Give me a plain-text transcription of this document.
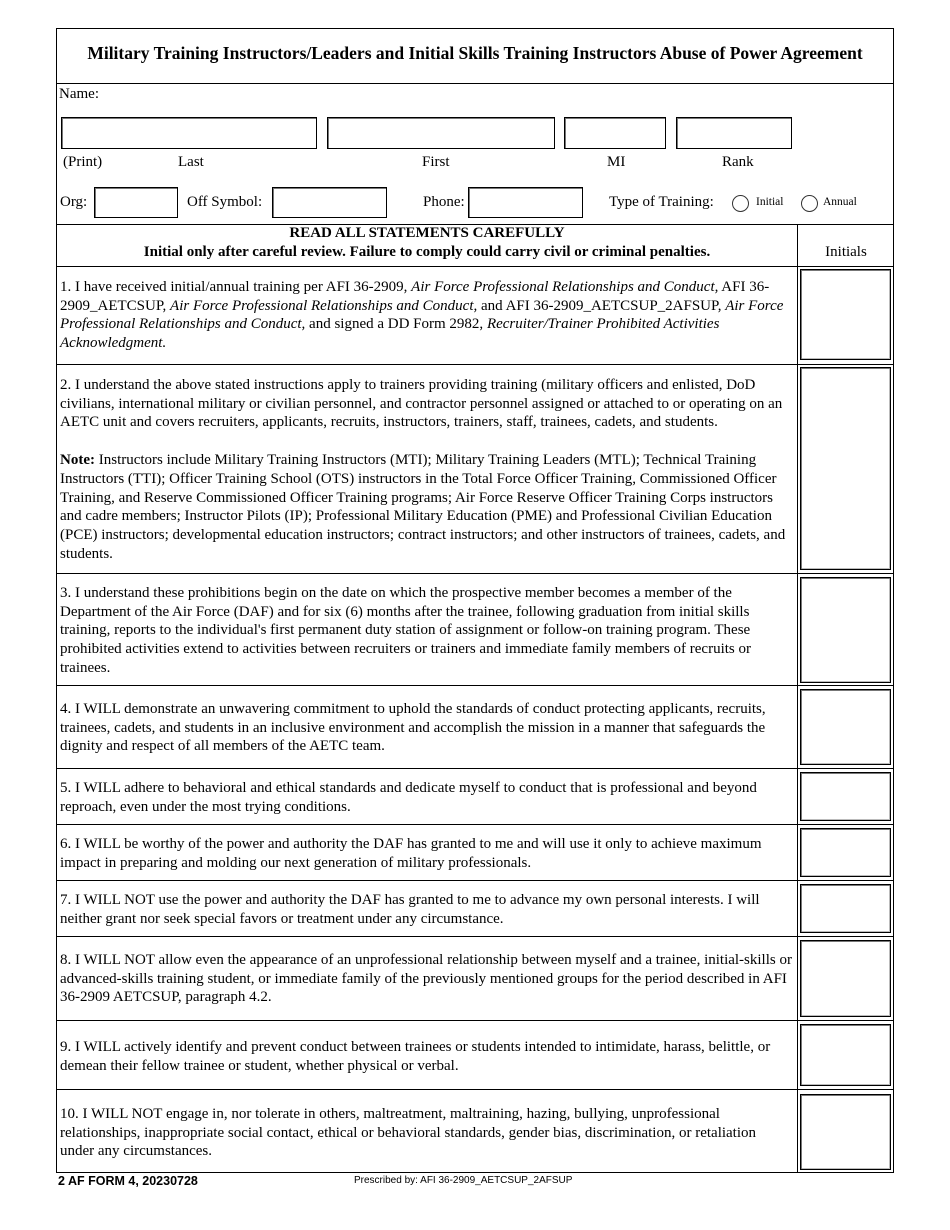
Military Training Instructors/Leaders and Initial Skills Training Instructors Abuse of Power Agreement
Name:
(Print)	Last	First	MI	Rank
Org:	Off Symbol:	Phone:	Type of Training:	Initial	Annual
READ ALL STATEMENTS CAREFULLY
Initial only after careful review. Failure to comply could carry civil or criminal penalties.	Initials
1. I have received initial/annual training per AFI 36-2909, Air Force Professional Relationships and Conduct, AFI 36-2909_AETCSUP, Air Force Professional Relationships and Conduct, and AFI 36-2909_AETCSUP_2AFSUP, Air Force Professional Relationships and Conduct, and signed a DD Form 2982, Recruiter/Trainer Prohibited Activities Acknowledgment.

2. I understand the above stated instructions apply to trainers providing training (military officers and enlisted, DoD civilians, international military or civilian personnel, and contractor personnel assigned or attached to or operating on an AETC unit and covers recruiters, applicants, recruits, instructors, trainers, staff, trainees, cadets, and students.

Note: Instructors include Military Training Instructors (MTI); Military Training Leaders (MTL); Technical Training Instructors (TTI); Officer Training School (OTS) instructors in the Total Force Officer Training, Commissioned Officer Training, and Reserve Commissioned Officer Training programs; Air Force Reserve Officer Training Corps instructors and cadre members; Instructor Pilots (IP); Professional Military Education (PME) and Professional Civilian Education (PCE) instructors; developmental education instructors; contract instructors; and other instructors of trainees, cadets, and students.

3. I understand these prohibitions begin on the date on which the prospective member becomes a member of the Department of the Air Force (DAF) and for six (6) months after the trainee, following graduation from initial skills training, reports to the individual's first permanent duty station of assignment or follow-on training program. These prohibited activities extend to activities between recruiters or trainers and immediate family members of recruits or trainees.
4. I WILL demonstrate an unwavering commitment to uphold the standards of conduct protecting applicants, recruits, trainees, cadets, and students in an inclusive environment and accomplish the mission in a manner that safeguards the dignity and respect of all members of the AETC team.
5. I WILL adhere to behavioral and ethical standards and dedicate myself to conduct that is professional and beyond reproach, even under the most trying conditions.
6. I WILL be worthy of the power and authority the DAF has granted to me and will use it only to achieve maximum impact in preparing and molding our next generation of military professionals.
7. I WILL NOT use the power and authority the DAF has granted to me to advance my own personal interests. I will neither grant nor seek special favors or treatment under any circumstance.
8. I WILL NOT allow even the appearance of an unprofessional relationship between myself and a trainee, initial-skills or advanced-skills training student, or immediate family of the previously mentioned groups for the period described in AFI 36-2909 AETCSUP, paragraph 4.2.
9. I WILL actively identify and prevent conduct between trainees or students intended to intimidate, harass, belittle, or demean their fellow trainee or student, whether physical or verbal.
10. I WILL NOT engage in, nor tolerate in others, maltreatment, maltraining, hazing, bullying, unprofessional relationships, inappropriate social contact, ethical or behavioral standards, gender bias, discrimination, or retaliation under any circumstances.
2 AF FORM 4, 20230728	Prescribed by: AFI 36-2909_AETCSUP_2AFSUP
